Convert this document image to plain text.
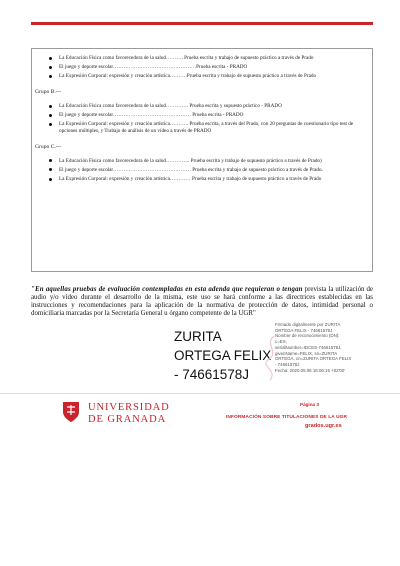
La Educación Física como favorecedora de la salud………. Prueba escrita y trabajo de supuesto práctico a través de Prado
El juego y deporte escolar…………………………………………Prueba escrita - PRADO
La Expresión Corporal: expresión y creación artística……….Prueba escrita y trabajo de supuesto práctico a través de Prado
Grupo B.---
La Educación Física como favorecedora de la salud…………. Prueba escrita y supuesto práctico - PRADO
El juego y deporte escolar……………………………………… Prueba escrita - PRADO
La Expresión Corporal: expresión y creación artística……….. Prueba escrita, a través del Prado, con 20 preguntas de cuestionario tipo test de opciones múltiples, y Trabajo de análisis de un vídeo a través de PRADO
Grupo C.---
La Educación Física como favorecedora de la salud………….. Prueba escrita y trabajo de supuesto práctico a través de Prado)
El juego y deporte escolar……………………………………… Prueba escrita y trabajo de supuesto práctico a través de Prado.
La Expresión Corporal: expresión y creación artística………… Prueba escrita y trabajo de supuesto práctico a través de Prado
"En aquellas pruebas de evaluación contempladas en esta adenda que requieran o tengan prevista la utilización de audio y/o vídeo durante el desarrollo de la misma, este uso se hará conforme a las directrices establecidas en las instrucciones y recomendaciones para la aplicación de la normativa de protección de datos, intimidad personal o domiciliaria marcadas por la Secretaría General u órgano competente de la UGR"
ZURITA
ORTEGA FELIX
- 74661578J
Firmado digitalmente por ZURITA
ORTEGA FELIX - 74661578J
Nombre de reconocimiento (DN):
c=ES,
serialNumber=IDCES-74661578J,
givenName=FELIX, sn=ZURITA
ORTEGA, cn=ZURITA ORTEGA FELIX
- 74661578J
Fecha: 2020.05.06 16:06:15 +02'00'
UNIVERSIDAD
DE GRANADA
Página 3
INFORMACIÓN SOBRE TITULACIONES DE LA UGR
grados.ugr.es
